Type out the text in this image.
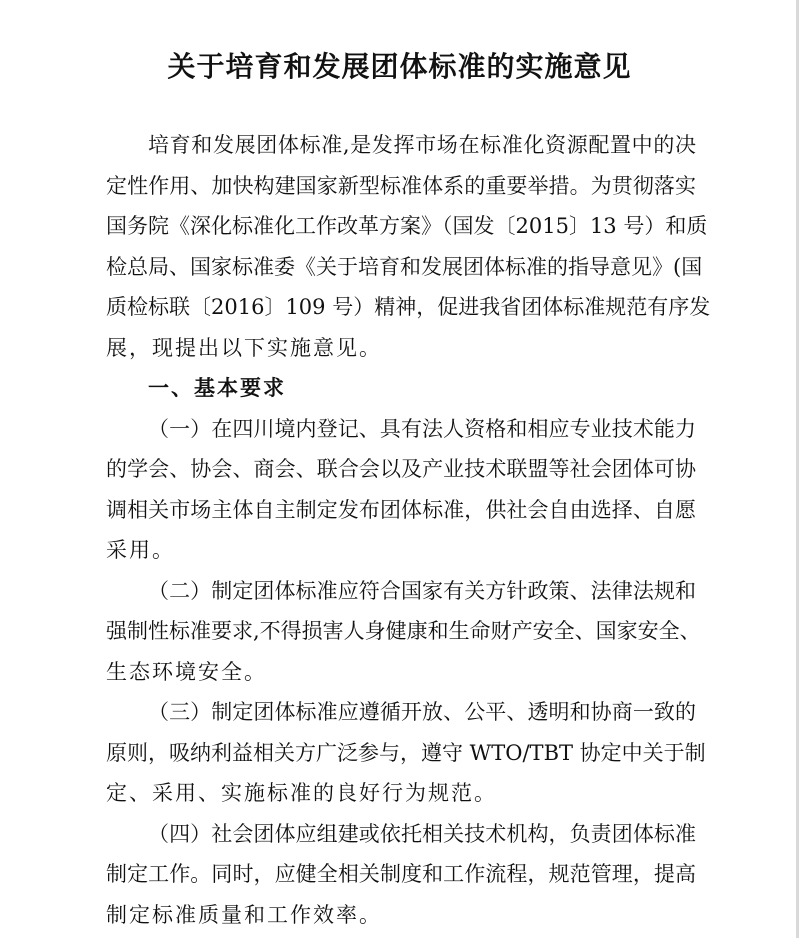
关于培育和发展团体标准的实施意见

培育和发展团体标准,是发挥市场在标准化资源配置中的决

定性作用、加快构建国家新型标准体系的重要举措。为贯彻落实

国务院《深化标准化工作改革方案》（国发〔2015〕13 号）和质

检总局、国家标准委《关于培育和发展团体标准的指导意见》(国

质检标联〔2016〕109 号）精神，促进我省团体标准规范有序发

展，现提出以下实施意见。

一、基本要求

（一）在四川境内登记、具有法人资格和相应专业技术能力

的学会、协会、商会、联合会以及产业技术联盟等社会团体可协

调相关市场主体自主制定发布团体标准，供社会自由选择、自愿

采用。

（二）制定团体标准应符合国家有关方针政策、法律法规和

强制性标准要求,不得损害人身健康和生命财产安全、国家安全、

生态环境安全。

（三）制定团体标准应遵循开放、公平、透明和协商一致的

原则，吸纳利益相关方广泛参与，遵守 WTO/TBT 协定中关于制

定、采用、实施标准的良好行为规范。

（四）社会团体应组建或依托相关技术机构，负责团体标准

制定工作。同时，应健全相关制度和工作流程，规范管理，提高

制定标准质量和工作效率。
